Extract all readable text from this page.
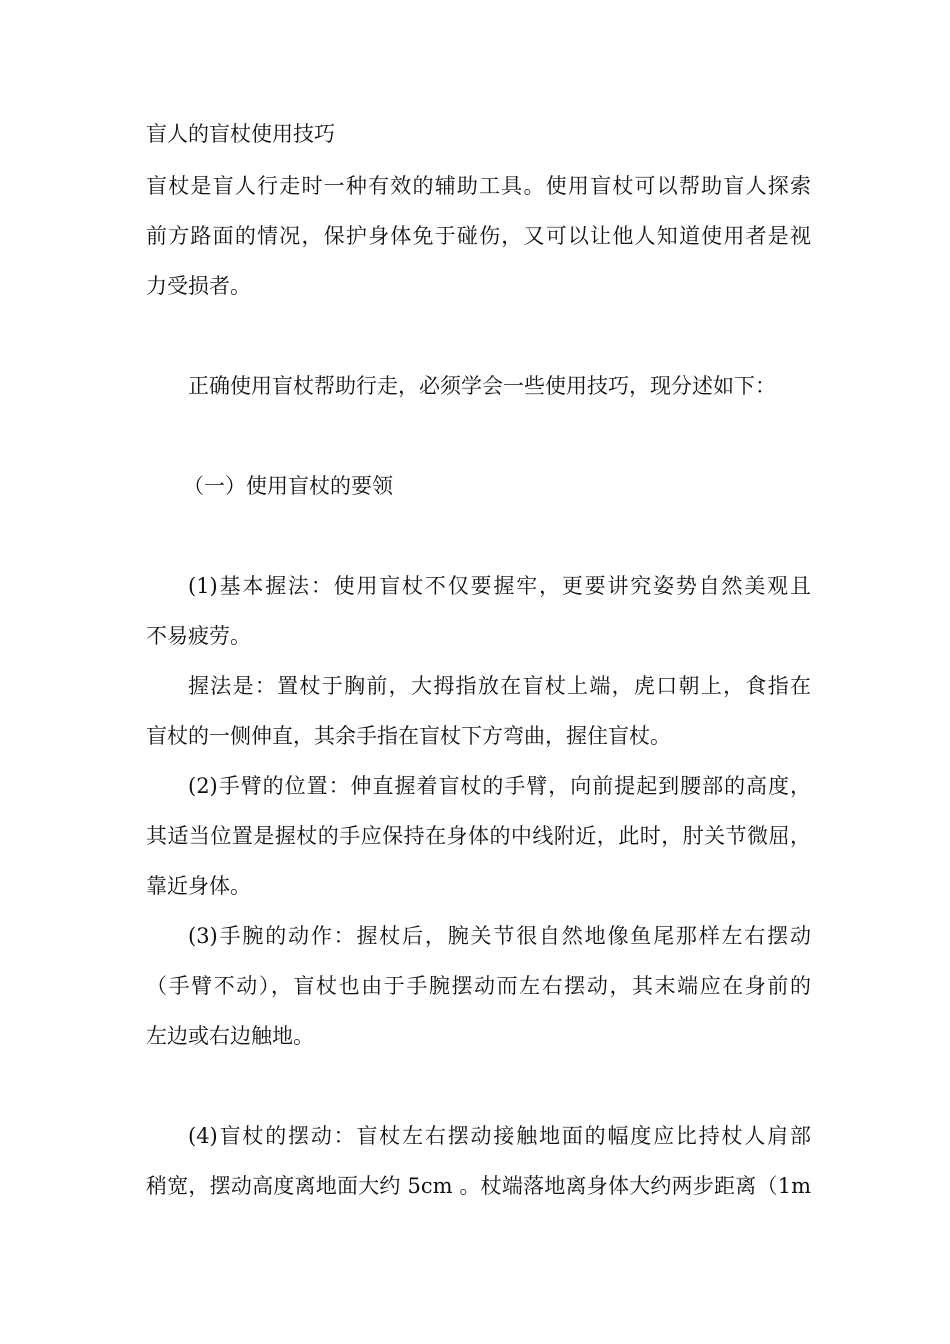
盲人的盲杖使用技巧
盲杖是盲人行走时一种有效的辅助工具。使用盲杖可以帮助盲人探索
前方路面的情况，保护身体免于碰伤，又可以让他人知道使用者是视
力受损者。
正确使用盲杖帮助行走，必须学会一些使用技巧，现分述如下：
（一）使用盲杖的要领
(1)基本握法：使用盲杖不仅要握牢，更要讲究姿势自然美观且
不易疲劳。
握法是：置杖于胸前，大拇指放在盲杖上端，虎口朝上，食指在
盲杖的一侧伸直，其余手指在盲杖下方弯曲，握住盲杖。
(2)手臂的位置：伸直握着盲杖的手臂，向前提起到腰部的高度，
其适当位置是握杖的手应保持在身体的中线附近，此时，肘关节微屈，
靠近身体。
(3)手腕的动作：握杖后，腕关节很自然地像鱼尾那样左右摆动
（手臂不动），盲杖也由于手腕摆动而左右摆动，其末端应在身前的
左边或右边触地。
(4)盲杖的摆动：盲杖左右摆动接触地面的幅度应比持杖人肩部
稍宽，摆动高度离地面大约 5cm 。杖端落地离身体大约两步距离（1m
